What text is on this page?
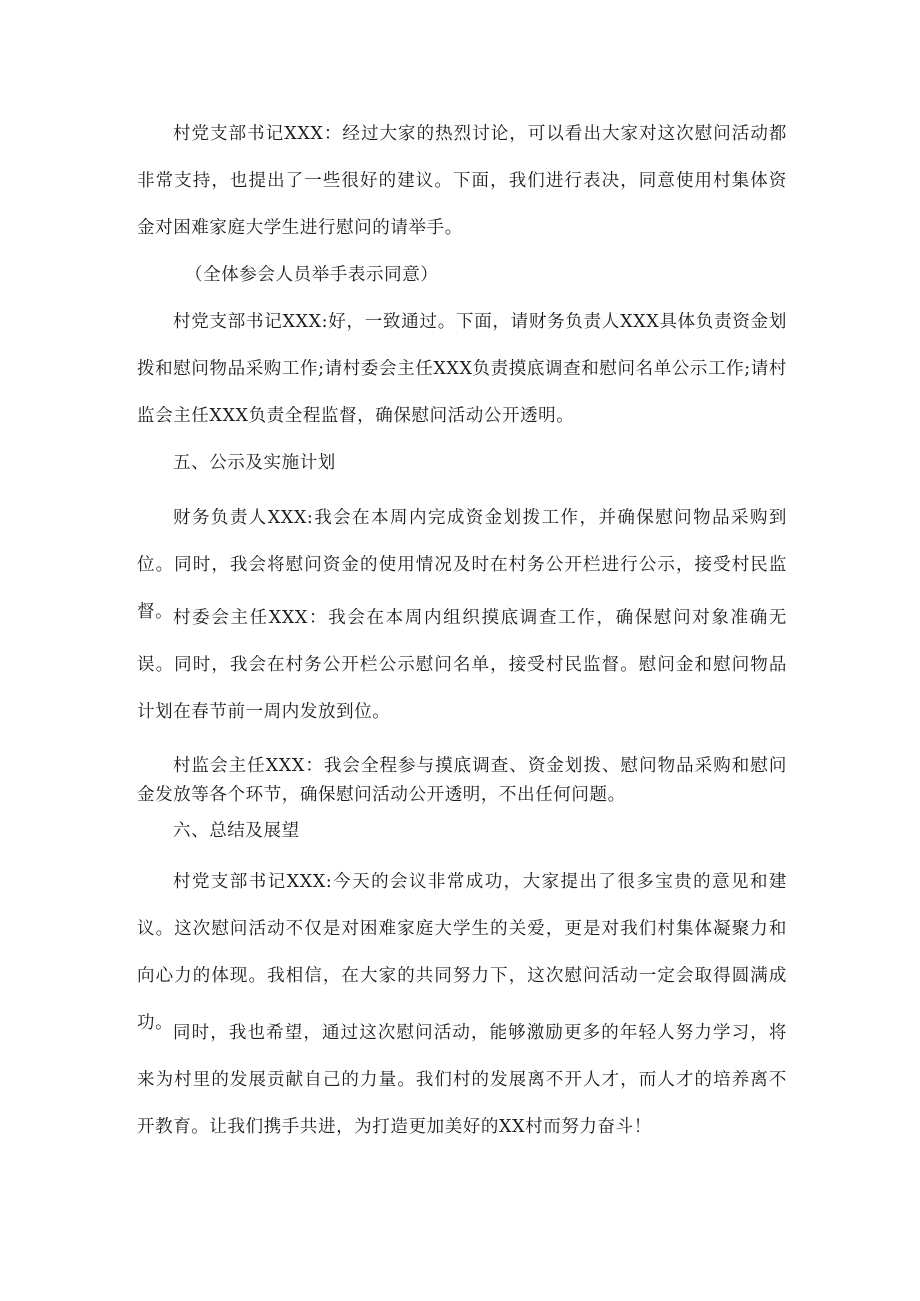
村党支部书记XXX：经过大家的热烈讨论，可以看出大家对这次慰问活动都非常支持，也提出了一些很好的建议。下面，我们进行表决，同意使用村集体资金对困难家庭大学生进行慰问的请举手。

（全体参会人员举手表示同意）

村党支部书记XXX:好，一致通过。下面，请财务负责人XXX具体负责资金划拨和慰问物品采购工作;请村委会主任XXX负责摸底调查和慰问名单公示工作;请村监会主任XXX负责全程监督，确保慰问活动公开透明。

五、公示及实施计划

财务负责人XXX:我会在本周内完成资金划拨工作，并确保慰问物品采购到位。同时，我会将慰问资金的使用情况及时在村务公开栏进行公示，接受村民监督。 村委会主任XXX：我会在本周内组织摸底调查工作，确保慰问对象准确无误。同时，我会在村务公开栏公示慰问名单，接受村民监督。慰问金和慰问物品计划在春节前一周内发放到位。

村监会主任XXX：我会全程参与摸底调查、资金划拨、慰问物品采购和慰问金发放等各个环节，确保慰问活动公开透明，不出任何问题。

六、总结及展望

村党支部书记XXX:今天的会议非常成功，大家提出了很多宝贵的意见和建议。这次慰问活动不仅是对困难家庭大学生的关爱，更是对我们村集体凝聚力和向心力的体现。我相信，在大家的共同努力下，这次慰问活动一定会取得圆满成功。 同时，我也希望，通过这次慰问活动，能够激励更多的年轻人努力学习，将来为村里的发展贡献自己的力量。我们村的发展离不开人才，而人才的培养离不开教育。让我们携手共进，为打造更加美好的XX村而努力奋斗！
